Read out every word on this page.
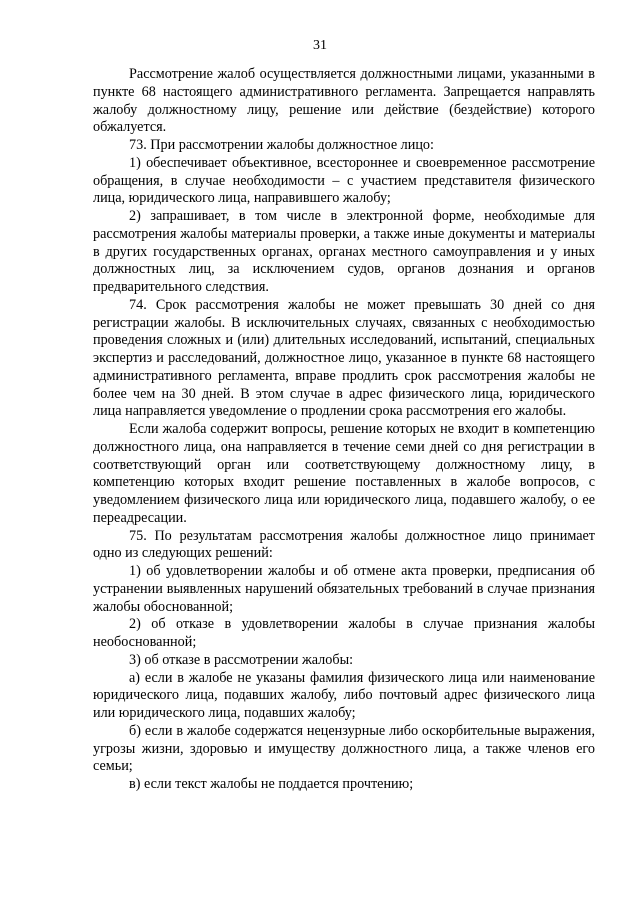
31

Рассмотрение жалоб осуществляется должностными лицами, указанными в пункте 68 настоящего административного регламента. Запрещается направлять жалобу должностному лицу, решение или действие (бездействие) которого обжалуется.

73. При рассмотрении жалобы должностное лицо:

1) обеспечивает объективное, всестороннее и своевременное рассмотрение обращения, в случае необходимости – с участием представителя физического лица, юридического лица, направившего жалобу;

2) запрашивает, в том числе в электронной форме, необходимые для рассмотрения жалобы материалы проверки, а также иные документы и материалы в других государственных органах, органах местного самоуправления и у иных должностных лиц, за исключением судов, органов дознания и органов предварительного следствия.

74. Срок рассмотрения жалобы не может превышать 30 дней со дня регистрации жалобы. В исключительных случаях, связанных с необходимостью проведения сложных и (или) длительных исследований, испытаний, специальных экспертиз и расследований, должностное лицо, указанное в пункте 68 настоящего административного регламента, вправе продлить срок рассмотрения жалобы не более чем на 30 дней. В этом случае в адрес физического лица, юридического лица направляется уведомление о продлении срока рассмотрения его жалобы.

Если жалоба содержит вопросы, решение которых не входит в компетенцию должностного лица, она направляется в течение семи дней со дня регистрации в соответствующий орган или соответствующему должностному лицу, в компетенцию которых входит решение поставленных в жалобе вопросов, с уведомлением физического лица или юридического лица, подавшего жалобу, о ее переадресации.

75. По результатам рассмотрения жалобы должностное лицо принимает одно из следующих решений:

1) об удовлетворении жалобы и об отмене акта проверки, предписания об устранении выявленных нарушений обязательных требований в случае признания жалобы обоснованной;

2) об отказе в удовлетворении жалобы в случае признания жалобы необоснованной;

3) об отказе в рассмотрении жалобы:

а) если в жалобе не указаны фамилия физического лица или наименование юридического лица, подавших жалобу, либо почтовый адрес физического лица или юридического лица, подавших жалобу;

б) если в жалобе содержатся нецензурные либо оскорбительные выражения, угрозы жизни, здоровью и имуществу должностного лица, а также членов его семьи;

в) если текст жалобы не поддается прочтению;
